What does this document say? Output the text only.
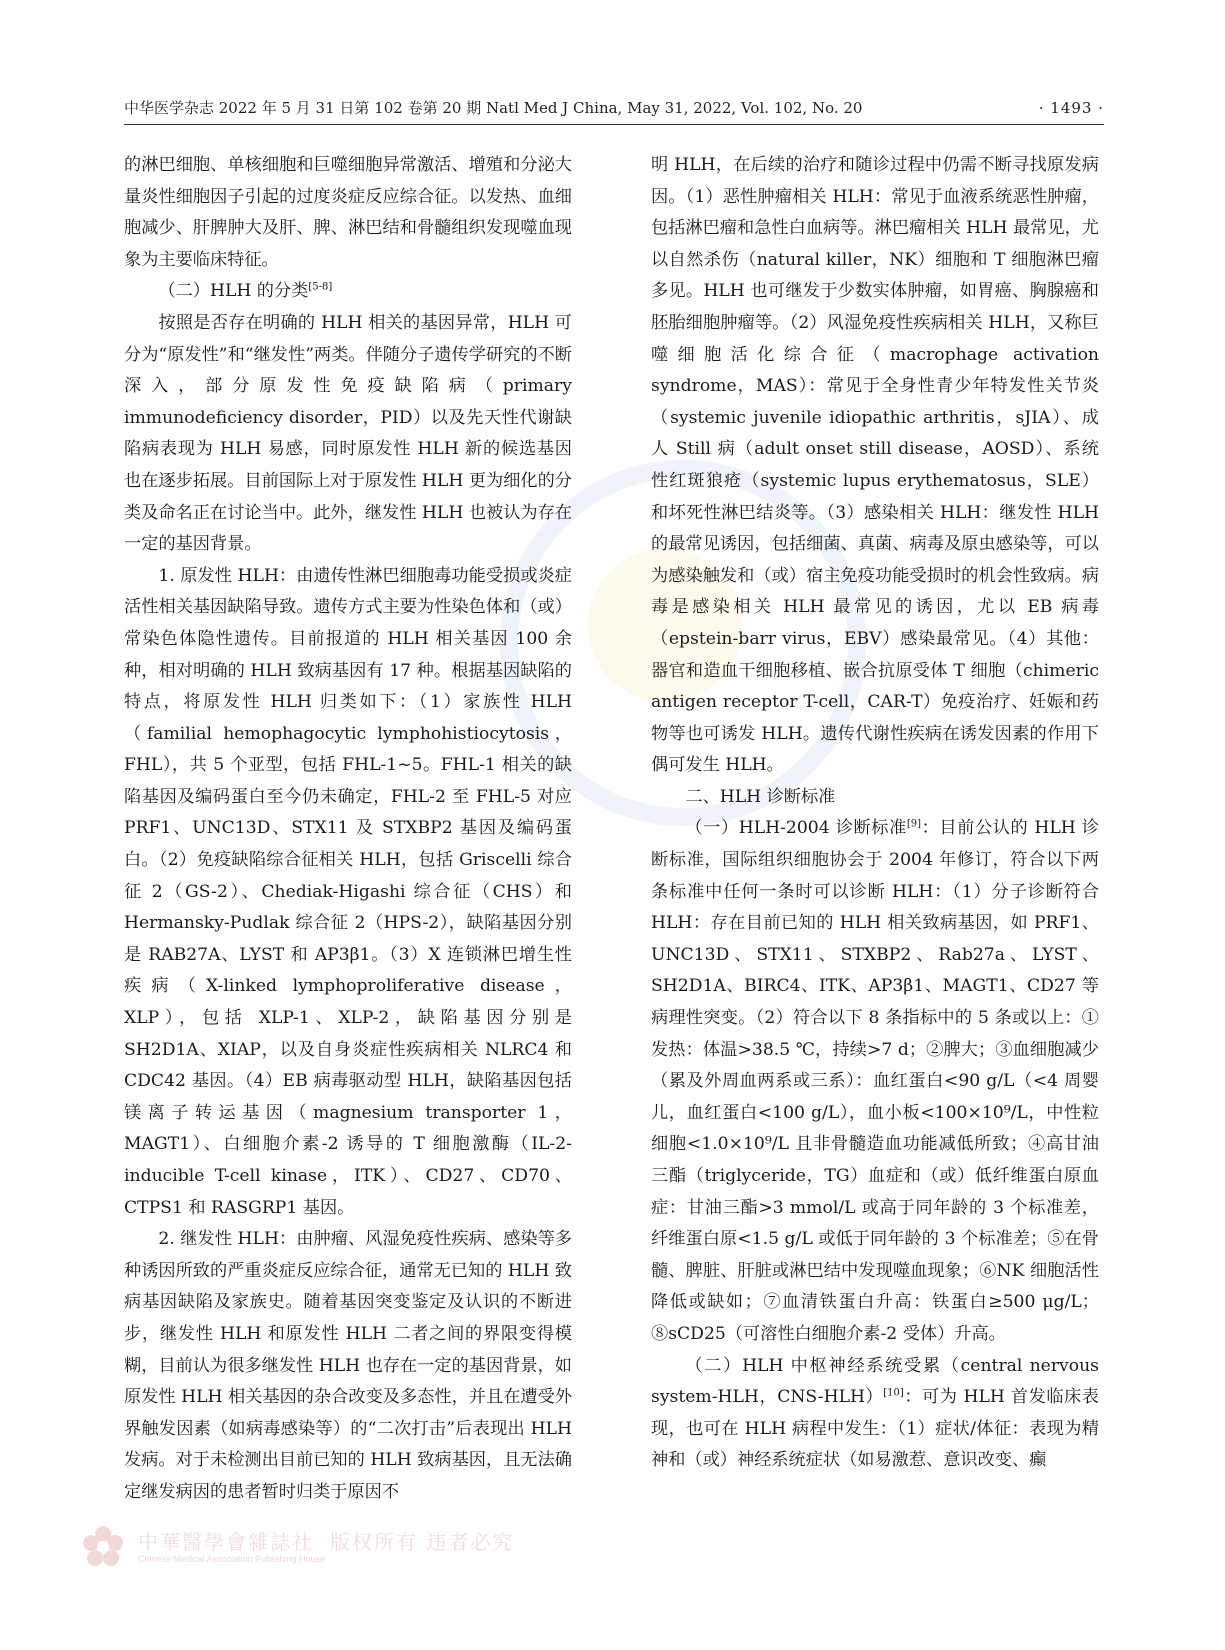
中华医学杂志 2022 年 5 月 31 日第 102 卷第 20 期 Natl Med J China, May 31, 2022, Vol. 102, No. 20	· 1493 ·

的淋巴细胞、单核细胞和巨噬细胞异常激活、增殖和分泌大量炎性细胞因子引起的过度炎症反应综合征。以发热、血细胞减少、肝脾肿大及肝、脾、淋巴结和骨髓组织发现噬血现象为主要临床特征。

（二）HLH 的分类[5-8]

按照是否存在明确的 HLH 相关的基因异常，HLH 可分为“原发性”和“继发性”两类。伴随分子遗传学研究的不断深入，部分原发性免疫缺陷病（primary immunodeficiency disorder，PID）以及先天性代谢缺陷病表现为 HLH 易感，同时原发性 HLH 新的候选基因也在逐步拓展。目前国际上对于原发性 HLH 更为细化的分类及命名正在讨论当中。此外，继发性 HLH 也被认为存在一定的基因背景。

1. 原发性 HLH：由遗传性淋巴细胞毒功能受损或炎症活性相关基因缺陷导致。遗传方式主要为性染色体和（或）常染色体隐性遗传。目前报道的 HLH 相关基因 100 余种，相对明确的 HLH 致病基因有 17 种。根据基因缺陷的特点，将原发性 HLH 归类如下：（1）家族性 HLH（familial hemophagocytic lymphohistiocytosis，FHL），共 5 个亚型，包括 FHL-1~5。FHL-1 相关的缺陷基因及编码蛋白至今仍未确定，FHL-2 至 FHL-5 对应 PRF1、UNC13D、STX11 及 STXBP2 基因及编码蛋白。（2）免疫缺陷综合征相关 HLH，包括 Griscelli 综合征 2（GS-2）、Chediak-Higashi 综合征（CHS）和 Hermansky-Pudlak 综合征 2（HPS-2），缺陷基因分别是 RAB27A、LYST 和 AP3β1。（3）X 连锁淋巴增生性疾病（X-linked lymphoproliferative disease，XLP），包括 XLP-1、XLP-2，缺陷基因分别是 SH2D1A、XIAP，以及自身炎症性疾病相关 NLRC4 和 CDC42 基因。（4）EB 病毒驱动型 HLH，缺陷基因包括镁离子转运基因（magnesium transporter 1，MAGT1）、白细胞介素-2 诱导的 T 细胞激酶（IL-2-inducible T-cell kinase，ITK）、CD27、CD70、CTPS1 和 RASGRP1 基因。

2. 继发性 HLH：由肿瘤、风湿免疫性疾病、感染等多种诱因所致的严重炎症反应综合征，通常无已知的 HLH 致病基因缺陷及家族史。随着基因突变鉴定及认识的不断进步，继发性 HLH 和原发性 HLH 二者之间的界限变得模糊，目前认为很多继发性 HLH 也存在一定的基因背景，如原发性 HLH 相关基因的杂合改变及多态性，并且在遭受外界触发因素（如病毒感染等）的“二次打击”后表现出 HLH 发病。对于未检测出目前已知的 HLH 致病基因，且无法确定继发病因的患者暂时归类于原因不

明 HLH，在后续的治疗和随诊过程中仍需不断寻找原发病因。（1）恶性肿瘤相关 HLH：常见于血液系统恶性肿瘤，包括淋巴瘤和急性白血病等。淋巴瘤相关 HLH 最常见，尤以自然杀伤（natural killer，NK）细胞和 T 细胞淋巴瘤多见。HLH 也可继发于少数实体肿瘤，如胃癌、胸腺癌和胚胎细胞肿瘤等。（2）风湿免疫性疾病相关 HLH，又称巨噬细胞活化综合征（macrophage activation syndrome，MAS）：常见于全身性青少年特发性关节炎（systemic juvenile idiopathic arthritis，sJIA）、成人 Still 病（adult onset still disease，AOSD）、系统性红斑狼疮（systemic lupus erythematosus，SLE）和坏死性淋巴结炎等。（3）感染相关 HLH：继发性 HLH 的最常见诱因，包括细菌、真菌、病毒及原虫感染等，可以为感染触发和（或）宿主免疫功能受损时的机会性致病。病毒是感染相关 HLH 最常见的诱因，尤以 EB 病毒（epstein-barr virus，EBV）感染最常见。（4）其他：器官和造血干细胞移植、嵌合抗原受体 T 细胞（chimeric antigen receptor T-cell，CAR-T）免疫治疗、妊娠和药物等也可诱发 HLH。遗传代谢性疾病在诱发因素的作用下偶可发生 HLH。

二、HLH 诊断标准

（一）HLH-2004 诊断标准[9]：目前公认的 HLH 诊断标准，国际组织细胞协会于 2004 年修订，符合以下两条标准中任何一条时可以诊断 HLH：（1）分子诊断符合 HLH：存在目前已知的 HLH 相关致病基因，如 PRF1、UNC13D、STX11、STXBP2、Rab27a、LYST、SH2D1A、BIRC4、ITK、AP3β1、MAGT1、CD27 等病理性突变。（2）符合以下 8 条指标中的 5 条或以上：①发热：体温>38.5 ℃，持续>7 d；②脾大；③血细胞减少（累及外周血两系或三系）：血红蛋白<90 g/L（<4 周婴儿，血红蛋白<100 g/L），血小板<100×10⁹/L，中性粒细胞<1.0×10⁹/L 且非骨髓造血功能减低所致；④高甘油三酯（triglyceride，TG）血症和（或）低纤维蛋白原血症：甘油三酯>3 mmol/L 或高于同年龄的 3 个标准差，纤维蛋白原<1.5 g/L 或低于同年龄的 3 个标准差；⑤在骨髓、脾脏、肝脏或淋巴结中发现噬血现象；⑥NK 细胞活性降低或缺如；⑦血清铁蛋白升高：铁蛋白≥500 μg/L；⑧sCD25（可溶性白细胞介素-2 受体）升高。

（二）HLH 中枢神经系统受累（central nervous system-HLH，CNS-HLH）[10]：可为 HLH 首发临床表现，也可在 HLH 病程中发生：（1）症状/体征：表现为精神和（或）神经系统症状（如易激惹、意识改变、癫

中華醫學會雜誌社
Chinese Medical Association Publishing House
版权所有 违者必究
